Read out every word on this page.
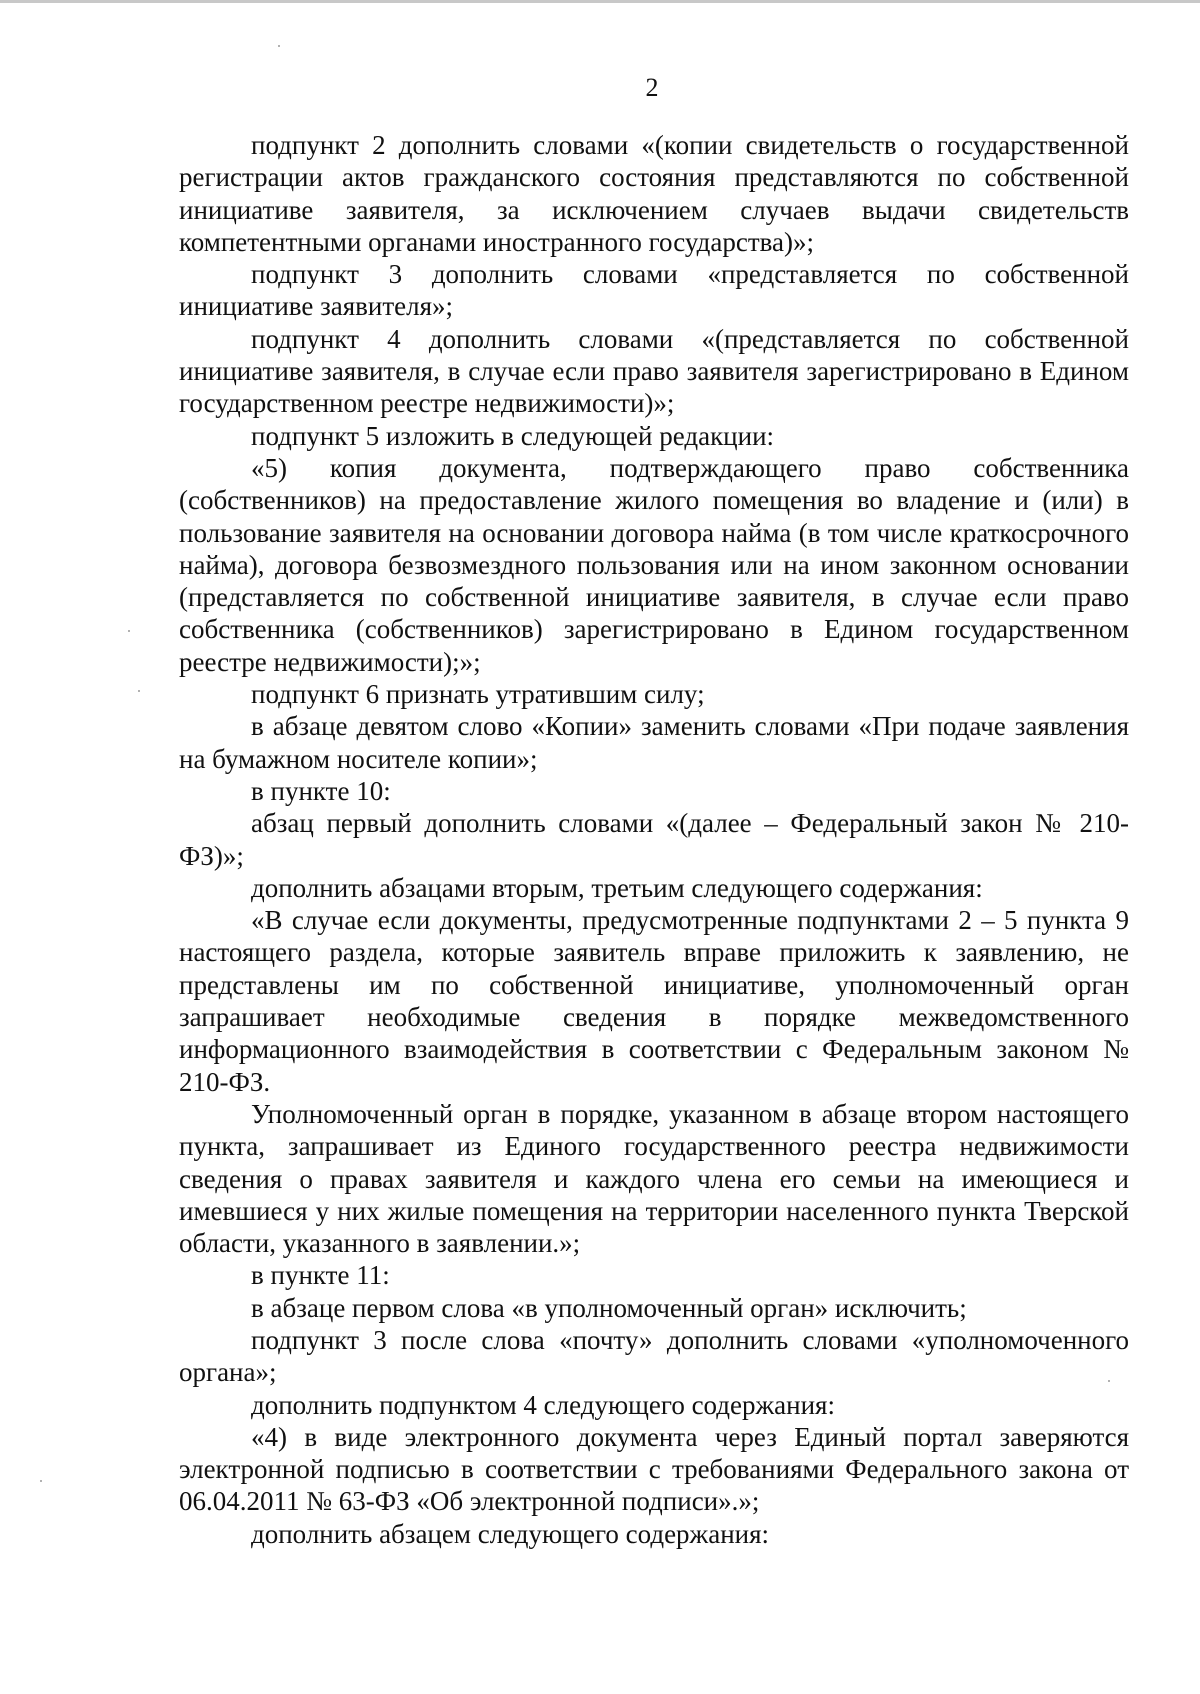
2

подпункт 2 дополнить словами «(копии свидетельств о государственной регистрации актов гражданского состояния представляются по собственной инициативе заявителя, за исключением случаев выдачи свидетельств компетентными органами иностранного государства)»;

подпункт 3 дополнить словами «представляется по собственной инициативе заявителя»;

подпункт 4 дополнить словами «(представляется по собственной инициативе заявителя, в случае если право заявителя зарегистрировано в Едином государственном реестре недвижимости)»;

подпункт 5 изложить в следующей редакции:

«5) копия документа, подтверждающего право собственника (собственников) на предоставление жилого помещения во владение и (или) в пользование заявителя на основании договора найма (в том числе краткосрочного найма), договора безвозмездного пользования или на ином законном основании (представляется по собственной инициативе заявителя, в случае если право собственника (собственников) зарегистрировано в Едином государственном реестре недвижимости);»;

подпункт 6 признать утратившим силу;

в абзаце девятом слово «Копии» заменить словами «При подаче заявления на бумажном носителе копии»;

в пункте 10:

абзац первый дополнить словами «(далее – Федеральный закон № 210-ФЗ)»;

дополнить абзацами вторым, третьим следующего содержания:

«В случае если документы, предусмотренные подпунктами 2 – 5 пункта 9 настоящего раздела, которые заявитель вправе приложить к заявлению, не представлены им по собственной инициативе, уполномоченный орган запрашивает необходимые сведения в порядке межведомственного информационного взаимодействия в соответствии с Федеральным законом № 210-ФЗ.

Уполномоченный орган в порядке, указанном в абзаце втором настоящего пункта, запрашивает из Единого государственного реестра недвижимости сведения о правах заявителя и каждого члена его семьи на имеющиеся и имевшиеся у них жилые помещения на территории населенного пункта Тверской области, указанного в заявлении.»;

в пункте 11:

в абзаце первом слова «в уполномоченный орган» исключить;

подпункт 3 после слова «почту» дополнить словами «уполномоченного органа»;

дополнить подпунктом 4 следующего содержания:

«4) в виде электронного документа через Единый портал заверяются электронной подписью в соответствии с требованиями Федерального закона от 06.04.2011 № 63-ФЗ «Об электронной подписи».»;

дополнить абзацем следующего содержания:
